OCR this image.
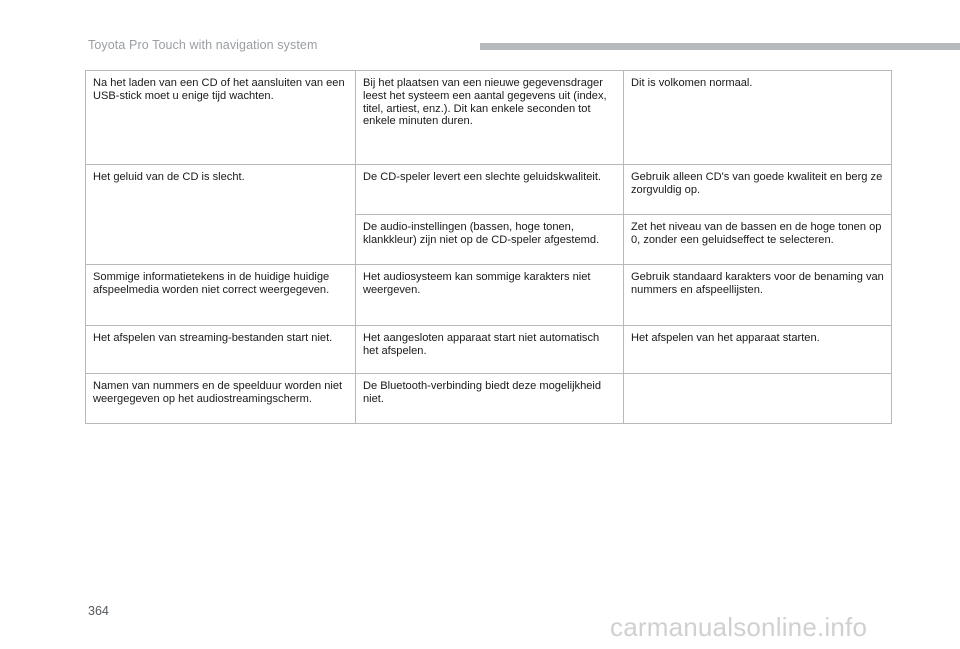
Toyota Pro Touch with navigation system
Na het laden van een CD of het aansluiten van een USB-stick moet u enige tijd wachten.	Bij het plaatsen van een nieuwe gegevensdrager leest het systeem een aantal gegevens uit (index, titel, artiest, enz.). Dit kan enkele seconden tot enkele minuten duren.	Dit is volkomen normaal.
Het geluid van de CD is slecht.	De CD-speler levert een slechte geluidskwaliteit.	Gebruik alleen CD's van goede kwaliteit en berg ze zorgvuldig op.
	De audio-instellingen (bassen, hoge tonen, klankkleur) zijn niet op de CD-speler afgestemd.	Zet het niveau van de bassen en de hoge tonen op 0, zonder een geluidseffect te selecteren.
Sommige informatietekens in de huidige huidige afspeelmedia worden niet correct weergegeven.	Het audiosysteem kan sommige karakters niet weergeven.	Gebruik standaard karakters voor de benaming van nummers en afspeellijsten.
Het afspelen van streaming-bestanden start niet.	Het aangesloten apparaat start niet automatisch het afspelen.	Het afspelen van het apparaat starten.
Namen van nummers en de speelduur worden niet weergegeven op het audiostreamingscherm.	De Bluetooth-verbinding biedt deze mogelijkheid niet.	
364
carmanualsonline.info
